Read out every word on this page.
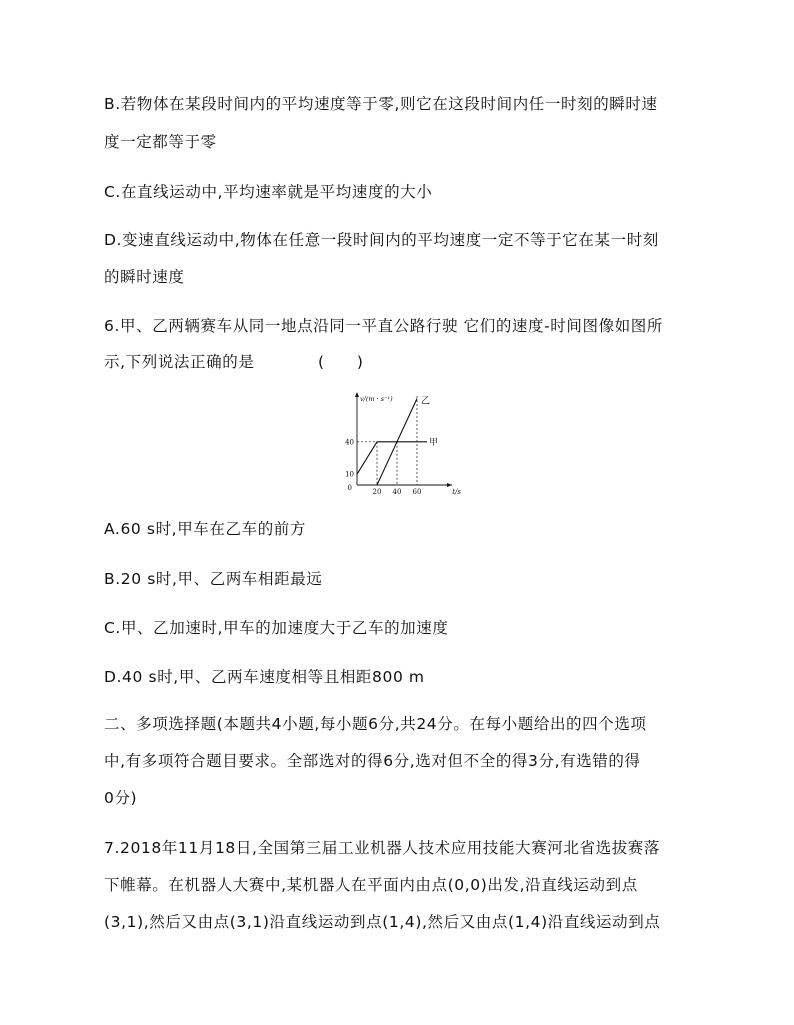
B.若物体在某段时间内的平均速度等于零,则它在这段时间内任一时刻的瞬时速
度一定都等于零
C.在直线运动中,平均速率就是平均速度的大小
D.变速直线运动中,物体在任意一段时间内的平均速度一定不等于它在某一时刻
的瞬时速度
6.甲、乙两辆赛车从同一地点沿同一平直公路行驶 它们的速度-时间图像如图所
示,下列说法正确的是	(　　)
甲
乙
20 40 60
10
40
0
v/(m · s⁻¹)
t/s
A.60 s时,甲车在乙车的前方
B.20 s时,甲、乙两车相距最远
C.甲、乙加速时,甲车的加速度大于乙车的加速度
D.40 s时,甲、乙两车速度相等且相距800 m
二、多项选择题(本题共4小题,每小题6分,共24分。在每小题给出的四个选项
中,有多项符合题目要求。全部选对的得6分,选对但不全的得3分,有选错的得
0分)
7.2018年11月18日,全国第三届工业机器人技术应用技能大赛河北省选拔赛落
下帷幕。在机器人大赛中,某机器人在平面内由点(0,0)出发,沿直线运动到点
(3,1),然后又由点(3,1)沿直线运动到点(1,4),然后又由点(1,4)沿直线运动到点
